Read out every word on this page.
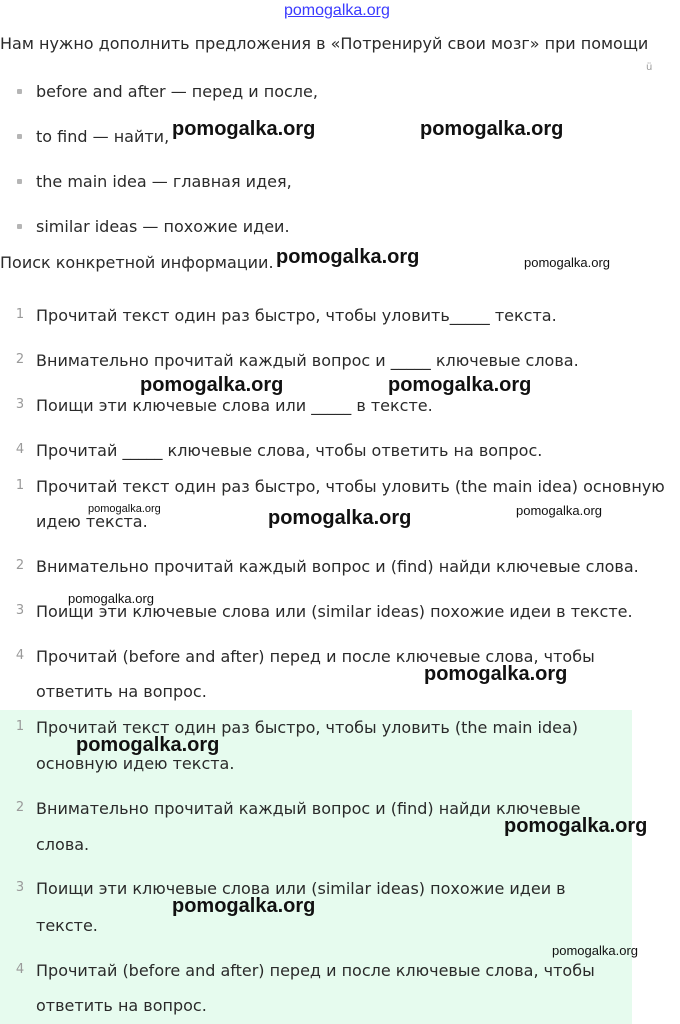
pomogalka.org
Нам нужно дополнить предложения в «Потренируй свои мозг» при помощи
ü
before and after — перед и после,
to find — найти,
the main idea — главная идея,
similar ideas — похожие идеи.
Поиск конкретной информации.
1 Прочитай текст один раз быстро, чтобы уловить_____ текста.
2 Внимательно прочитай каждый вопрос и _____ ключевые слова.
3 Поищи эти ключевые слова или _____ в тексте.
4 Прочитай _____ ключевые слова, чтобы ответить на вопрос.
1 Прочитай текст один раз быстро, чтобы уловить (the main idea) основную
идею текста.
2 Внимательно прочитай каждый вопрос и (find) найди ключевые слова.
3 Поищи эти ключевые слова или (similar ideas) похожие идеи в тексте.
4 Прочитай (before and after) перед и после ключевые слова, чтобы
ответить на вопрос.
1 Прочитай текст один раз быстро, чтобы уловить (the main idea)
основную идею текста.
2 Внимательно прочитай каждый вопрос и (find) найди ключевые
слова.
3 Поищи эти ключевые слова или (similar ideas) похожие идеи в
тексте.
4 Прочитай (before and after) перед и после ключевые слова, чтобы
ответить на вопрос.
pomogalka.org	pomogalka.org
pomogalka.org	pomogalka.org
pomogalka.org	pomogalka.org
pomogalka.org	pomogalka.org	pomogalka.org
pomogalka.org
pomogalka.org
pomogalka.org
pomogalka.org
pomogalka.org
pomogalka.org
